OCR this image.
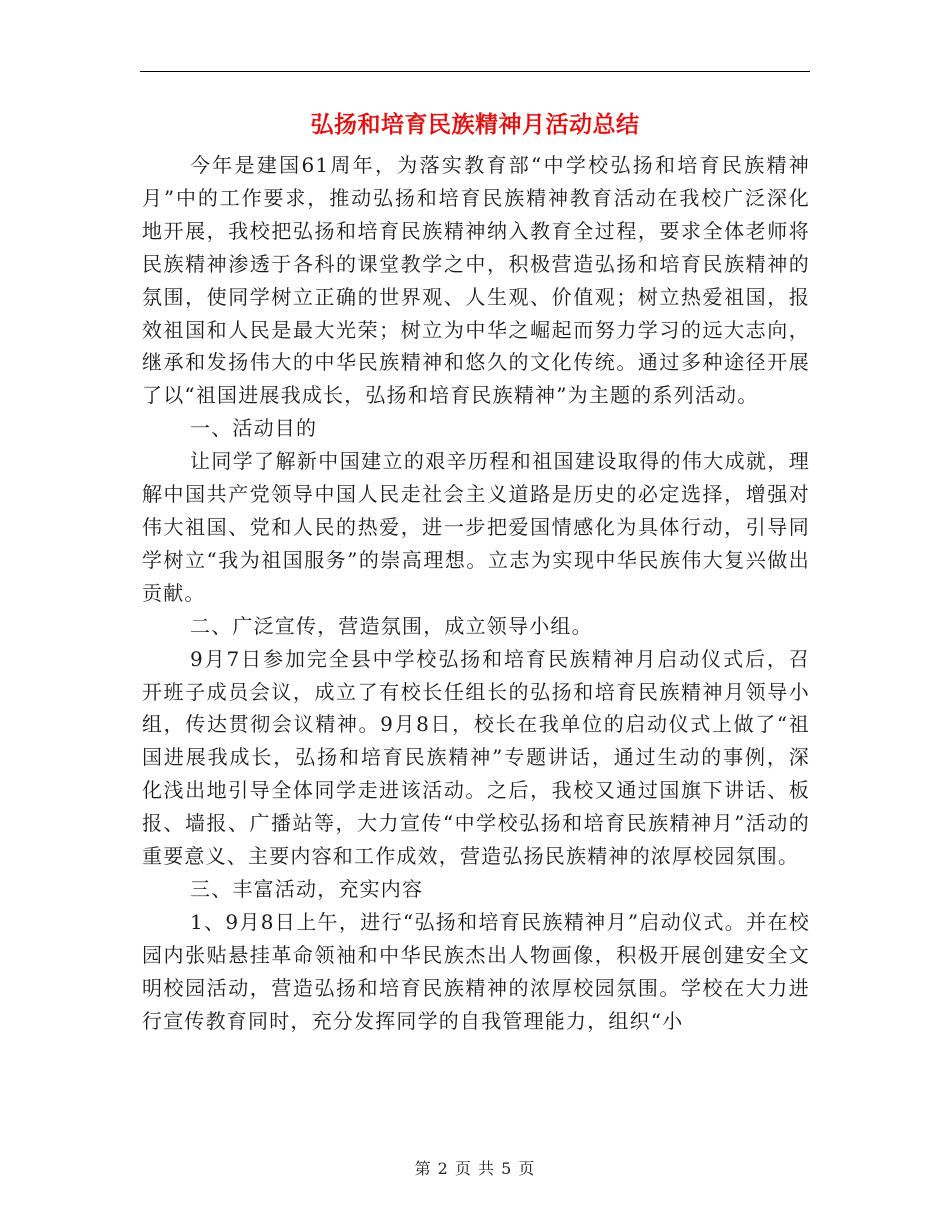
弘扬和培育民族精神月活动总结

今年是建国61周年，为落实教育部“中学校弘扬和培育民族精神月”中的工作要求，推动弘扬和培育民族精神教育活动在我校广泛深化地开展，我校把弘扬和培育民族精神纳入教育全过程，要求全体老师将民族精神渗透于各科的课堂教学之中，积极营造弘扬和培育民族精神的氛围，使同学树立正确的世界观、人生观、价值观；树立热爱祖国，报效祖国和人民是最大光荣；树立为中华之崛起而努力学习的远大志向，继承和发扬伟大的中华民族精神和悠久的文化传统。通过多种途径开展了以“祖国进展我成长，弘扬和培育民族精神”为主题的系列活动。

一、活动目的

让同学了解新中国建立的艰辛历程和祖国建设取得的伟大成就，理解中国共产党领导中国人民走社会主义道路是历史的必定选择，增强对伟大祖国、党和人民的热爱，进一步把爱国情感化为具体行动，引导同学树立“我为祖国服务”的崇高理想。立志为实现中华民族伟大复兴做出贡献。

二、广泛宣传，营造氛围，成立领导小组。

9月7日参加完全县中学校弘扬和培育民族精神月启动仪式后，召开班子成员会议，成立了有校长任组长的弘扬和培育民族精神月领导小组，传达贯彻会议精神。9月8日，校长在我单位的启动仪式上做了“祖国进展我成长，弘扬和培育民族精神”专题讲话，通过生动的事例，深化浅出地引导全体同学走进该活动。之后，我校又通过国旗下讲话、板报、墙报、广播站等，大力宣传“中学校弘扬和培育民族精神月”活动的重要意义、主要内容和工作成效，营造弘扬民族精神的浓厚校园氛围。

三、丰富活动，充实内容

1、9月8日上午，进行“弘扬和培育民族精神月”启动仪式。并在校园内张贴悬挂革命领袖和中华民族杰出人物画像，积极开展创建安全文明校园活动，营造弘扬和培育民族精神的浓厚校园氛围。学校在大力进行宣传教育同时，充分发挥同学的自我管理能力，组织“小

第 2 页 共 5 页
